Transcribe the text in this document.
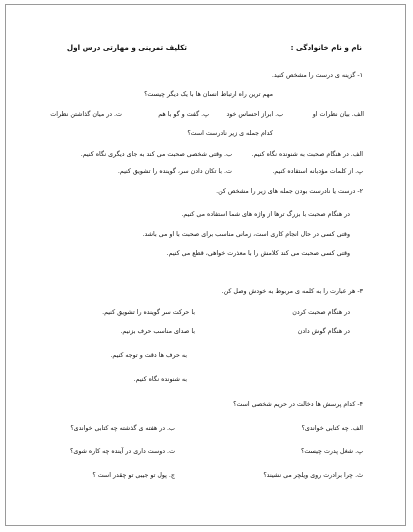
نام و نام خانوادگی :

تکلیف تمرینی و مهارتی درس اول

۱- گزینه ی درست را مشخص کنید.

مهم ترین راه ارتباط انسان ها با یک دیگر چیست؟

الف. بیان نظرات او

ب. ابراز احساس خود

پ. گفت و گو با هم

ت. در میان گذاشتن نظرات

کدام جمله ی زیر نادرست است؟

الف. در هنگام صحبت به شنونده نگاه کنیم.

ب. وقتی شخصی صحبت می کند به جای دیگری نگاه کنیم.

پ. از کلمات مؤدبانه استفاده کنیم.

ت. با تکان دادن سر، گوینده را تشویق کنیم.

۲- درست یا نادرست بودن جمله های زیر را مشخص کن.

در هنگام صحبت با بزرگ ترها از واژه های شما استفاده می کنیم.

وقتی کسی در حال انجام کاری است، زمانی مناسب برای صحبت با او می باشد.

وقتی کسی صحبت می کند کلامش را با معذرت خواهی، قطع می کنیم.

۳- هر عبارت را به کلمه ی مربوط به خودش وصل کن.

در هنگام صحبت کردن

با حرکت سر گوینده را تشویق کنیم.

در هنگام گوش دادن

با صدای مناسب حرف بزنیم.

به حرف ها دقت و توجه کنیم.

به شنونده نگاه کنیم.

۴- کدام پرسش ها دخالت در حریم شخصی است؟

الف. چه کتابی خواندی؟

ب. در هفته ی گذشته چه کتابی خواندی؟

پ. شغل پدرت چیست؟

ت. دوست داری در آینده چه کاره شوی؟

ث. چرا برادرت روی ویلچر می نشیند؟

ج. پول تو جیبی تو چقدر است ؟
